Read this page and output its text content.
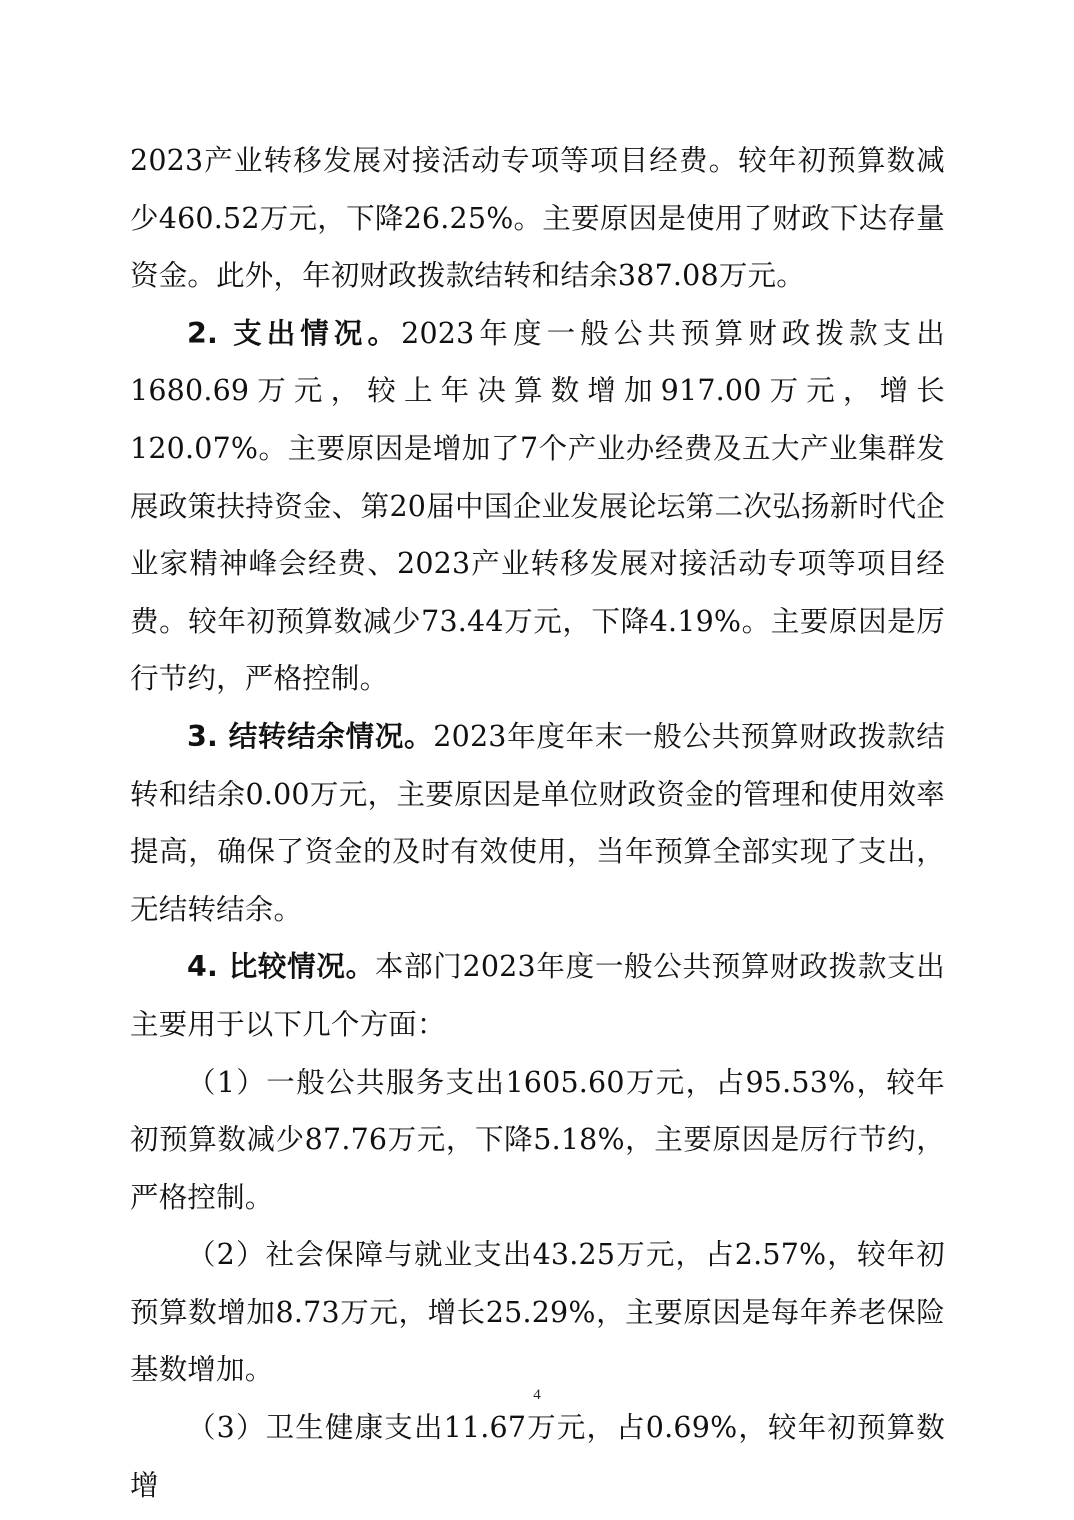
2023产业转移发展对接活动专项等项目经费。较年初预算数减少460.52万元，下降26.25%。主要原因是使用了财政下达存量资金。此外，年初财政拨款结转和结余387.08万元。

2. 支出情况。2023年度一般公共预算财政拨款支出1680.69万元，较上年决算数增加917.00万元，增长120.07%。主要原因是增加了7个产业办经费及五大产业集群发展政策扶持资金、第20届中国企业发展论坛第二次弘扬新时代企业家精神峰会经费、2023产业转移发展对接活动专项等项目经费。较年初预算数减少73.44万元，下降4.19%。主要原因是厉行节约，严格控制。

3. 结转结余情况。2023年度年末一般公共预算财政拨款结转和结余0.00万元，主要原因是单位财政资金的管理和使用效率提高，确保了资金的及时有效使用，当年预算全部实现了支出，无结转结余。

4. 比较情况。本部门2023年度一般公共预算财政拨款支出主要用于以下几个方面：

（1）一般公共服务支出1605.60万元，占95.53%，较年初预算数减少87.76万元，下降5.18%，主要原因是厉行节约，严格控制。

（2）社会保障与就业支出43.25万元，占2.57%，较年初预算数增加8.73万元，增长25.29%，主要原因是每年养老保险基数增加。

（3）卫生健康支出11.67万元，占0.69%，较年初预算数增

4
